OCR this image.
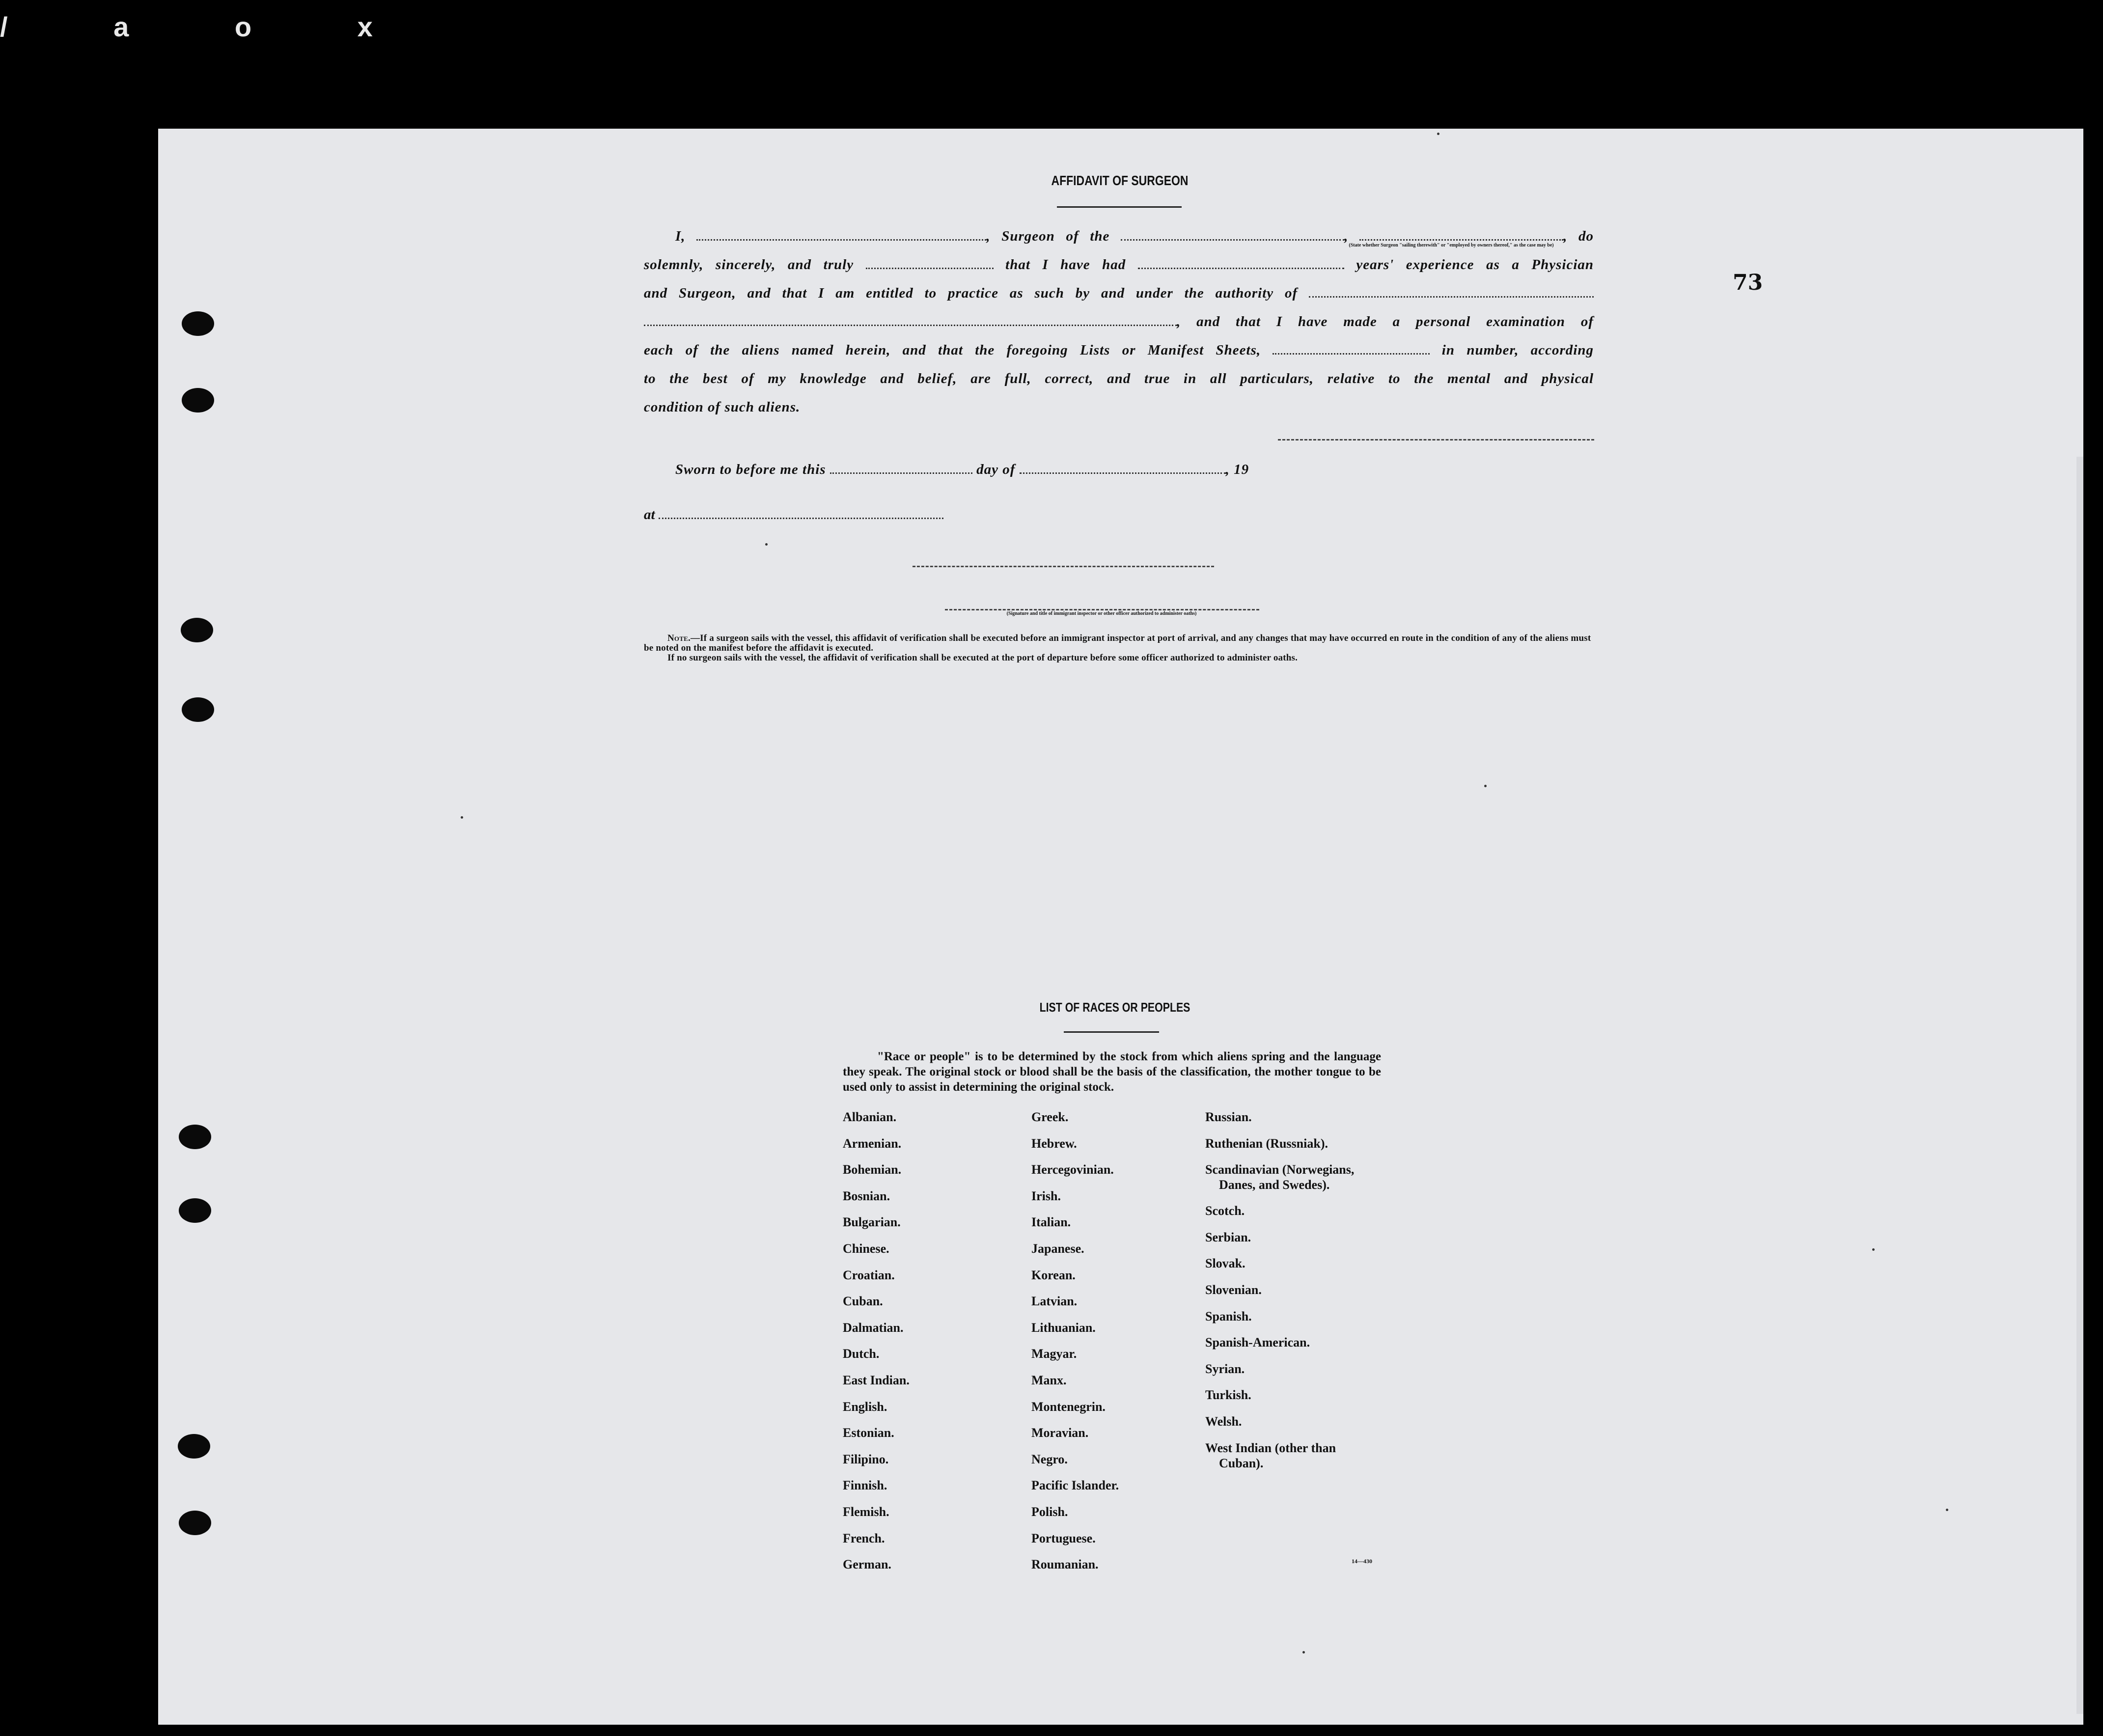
/ a o x
73
AFFIDAVIT OF SURGEON
I,	, Surgeon of the	,	, do
solemnly, sincerely, and truly	that I have had	years' experience as a Physician
and Surgeon, and that I am entitled to practice as such by and under the authority of
, and that I have made a personal examination of
each of the aliens named herein, and that the foregoing Lists or Manifest Sheets,	in number, according
to the best of my knowledge and belief, are full, correct, and true in all particulars, relative to the mental and physical
condition of such aliens.
(State whether Surgeon "sailing therewith" or "employed by owners thereof," as the case may be)
Sworn to before me this	day of	, 19
at
(Signature and title of immigrant inspector or other officer authorized to administer oaths)

Note.—If a surgeon sails with the vessel, this affidavit of verification shall be executed before an immigrant inspector at port of arrival, and any changes that may have occurred en route in the condition of any of the aliens must be noted on the manifest before the affidavit is executed.

If no surgeon sails with the vessel, the affidavit of verification shall be executed at the port of departure before some officer authorized to administer oaths.

LIST OF RACES OR PEOPLES
"Race or people" is to be determined by the stock from which aliens spring and the language they speak. The original stock or blood shall be the basis of the classification, the mother tongue to be used only to assist in determining the original stock.
Albanian.
Armenian.
Bohemian.
Bosnian.
Bulgarian.
Chinese.
Croatian.
Cuban.
Dalmatian.
Dutch.
East Indian.
English.
Estonian.
Filipino.
Finnish.
Flemish.
French.
German.
Greek.
Hebrew.
Hercegovinian.
Irish.
Italian.
Japanese.
Korean.
Latvian.
Lithuanian.
Magyar.
Manx.
Montenegrin.
Moravian.
Negro.
Pacific Islander.
Polish.
Portuguese.
Roumanian.
Russian.
Ruthenian (Russniak).
Scandinavian (Norwegians,
Danes, and Swedes).
Scotch.
Serbian.
Slovak.
Slovenian.
Spanish.
Spanish-American.
Syrian.
Turkish.
Welsh.
West Indian (other than
Cuban).
14—430
